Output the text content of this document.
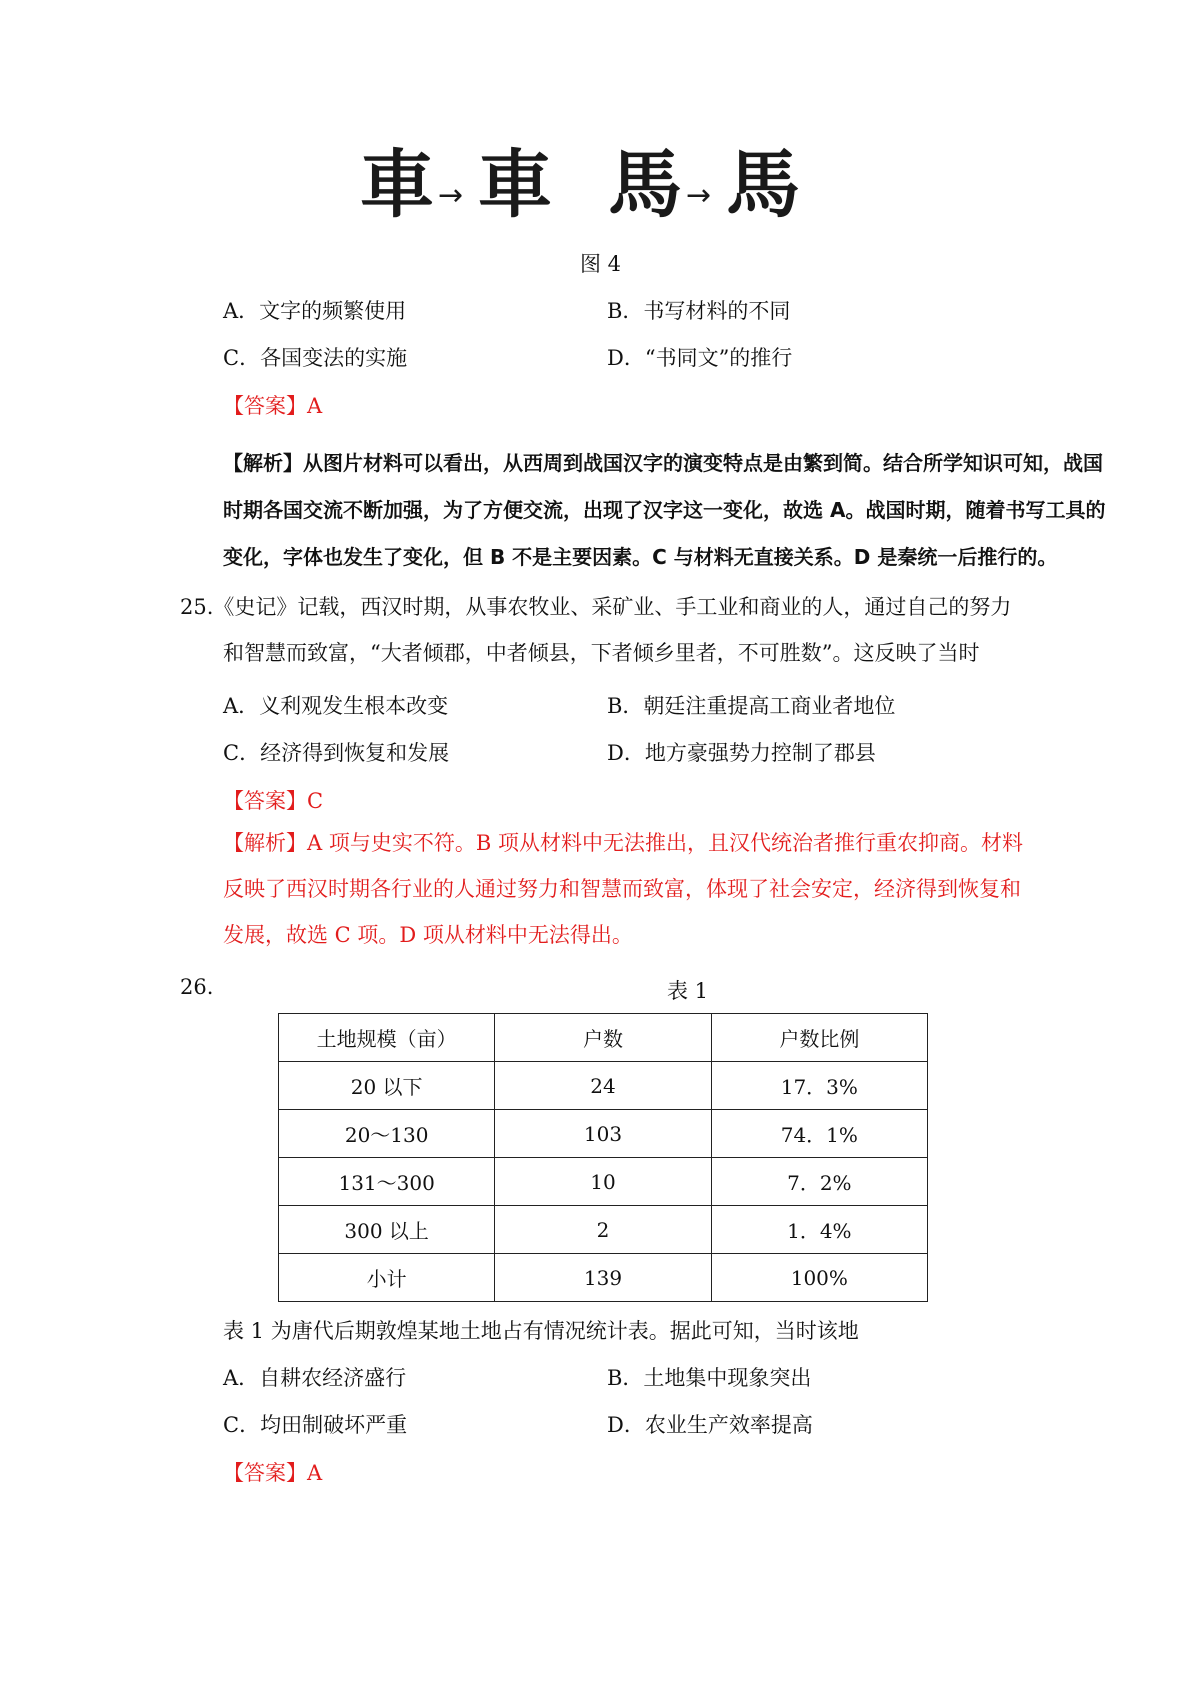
車 → 車 馬 → 馬
图 4
A．文字的频繁使用	B．书写材料的不同
C．各国变法的实施	D．“书同文”的推行
【答案】A
【解析】从图片材料可以看出，从西周到战国汉字的演变特点是由繁到简。结合所学知识可知，战国
时期各国交流不断加强，为了方便交流，出现了汉字这一变化，故选 A。战国时期，随着书写工具的
变化，字体也发生了变化，但 B 不是主要因素。C 与材料无直接关系。D 是秦统一后推行的。
25.《史记》记载，西汉时期，从事农牧业、采矿业、手工业和商业的人，通过自己的努力
和智慧而致富，“大者倾郡，中者倾县，下者倾乡里者，不可胜数”。这反映了当时
A．义利观发生根本改变	B．朝廷注重提高工商业者地位
C．经济得到恢复和发展	D．地方豪强势力控制了郡县
【答案】C
【解析】A 项与史实不符。B 项从材料中无法推出，且汉代统治者推行重农抑商。材料
反映了西汉时期各行业的人通过努力和智慧而致富，体现了社会安定，经济得到恢复和
发展，故选 C 项。D 项从材料中无法得出。
26.	表 1
土地规模（亩）	户数	户数比例
20 以下	24	17．3%
20～130	103	74．1%
131～300	10	7．2%
300 以上	2	1．4%
小计	139	100%
表 1 为唐代后期敦煌某地土地占有情况统计表。据此可知，当时该地
A．自耕农经济盛行	B．土地集中现象突出
C．均田制破坏严重	D．农业生产效率提高
【答案】A
